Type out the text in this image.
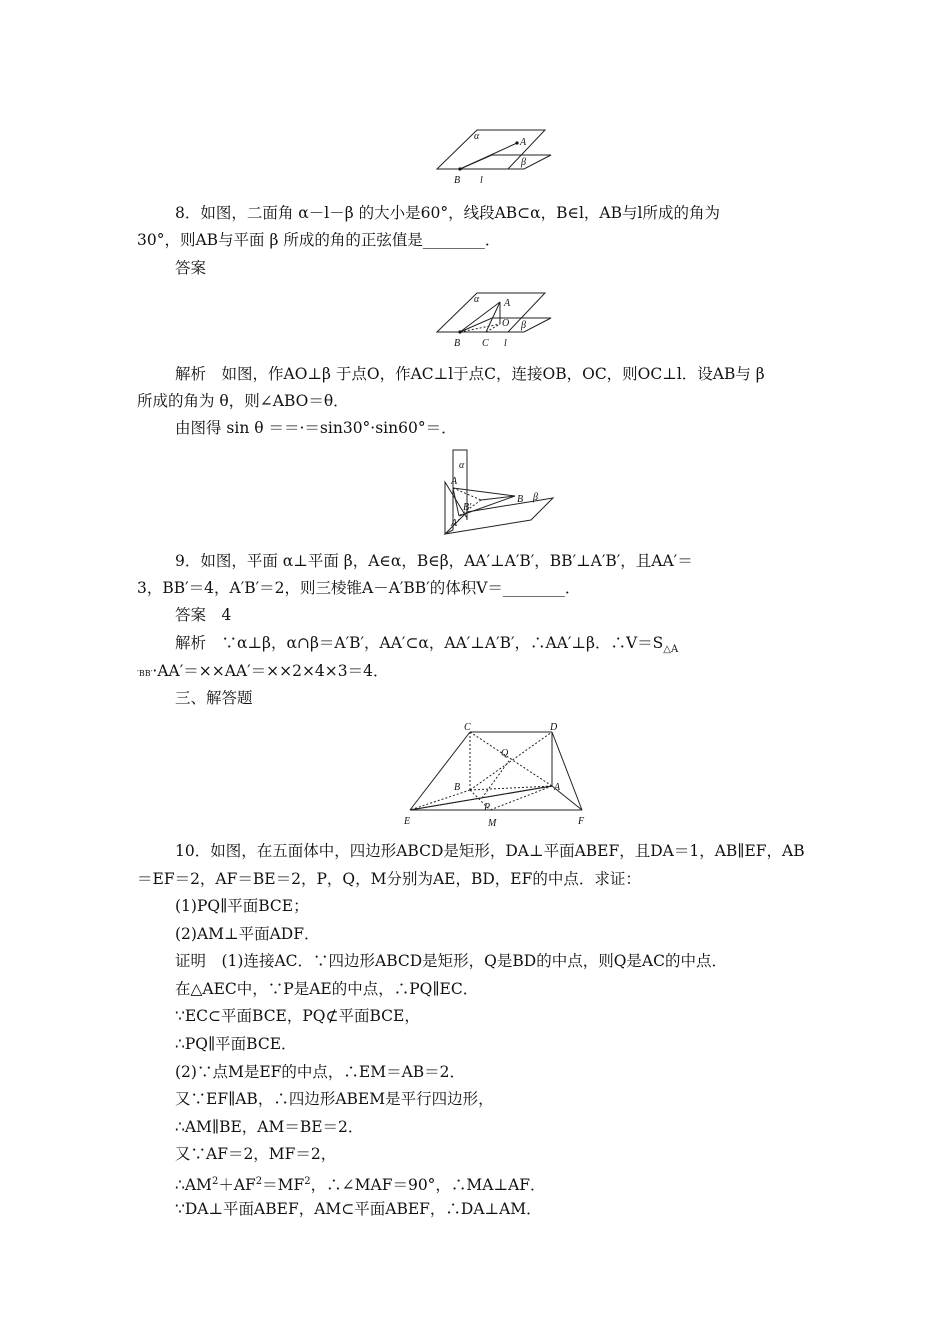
α
A
β
B l
8．如图，二面角 α－l－β 的大小是60°，线段AB⊂α，B∈l，AB与l所成的角为
30°，则AB与平面 β 所成的角的正弦值是________．
答案
α A
O β
B C l
解析　如图，作AO⊥β 于点O，作AC⊥l于点C，连接OB，OC，则OC⊥l．设AB与 β
所成的角为 θ，则∠ABO＝θ．
由图得 sin θ ＝＝·＝sin30°·sin60°＝．
α
A
B β
B′
A′
9．如图，平面 α⊥平面 β，A∈α，B∈β，AA′⊥A′B′，BB′⊥A′B′，且AA′＝
3，BB′＝4，A′B′＝2，则三棱锥A－A′BB′的体积V＝________．
答案　4
解析　∵α⊥β，α∩β＝A′B′，AA′⊂α，AA′⊥A′B′，∴AA′⊥β．$\therefore V=S_{\triangle A}$
′BB′·AA′＝××AA′＝××2×4×3＝4．
三、解答题
C	D
Q
B	A
P
E	M	F
10．如图，在五面体中，四边形ABCD是矩形，DA⊥平面ABEF，且DA＝1，AB∥EF，AB
＝EF＝2，AF＝BE＝2，P，Q，M分别为AE，BD，EF的中点．求证：
(1)PQ∥平面BCE；
(2)AM⊥平面ADF．
证明　(1)连接AC．∵四边形ABCD是矩形，Q是BD的中点，则Q是AC的中点．
在△AEC中，∵P是AE的中点，∴PQ∥EC．
∵EC⊂平面BCE，PQ⊄平面BCE，
∴PQ∥平面BCE．
(2)∵点M是EF的中点，∴EM＝AB＝2．
又∵EF∥AB，∴四边形ABEM是平行四边形，
∴AM∥BE，AM＝BE＝2．
又∵AF＝2，MF＝2，
$\therefore AM^2+AF^2=MF^2$，∴∠MAF＝90°，∴MA⊥AF．
∵DA⊥平面ABEF，AM⊂平面ABEF，∴DA⊥AM．
